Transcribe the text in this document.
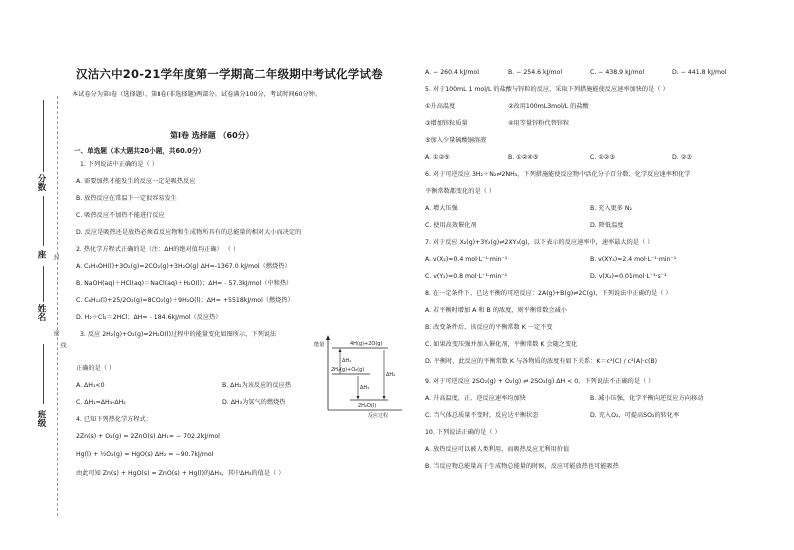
分数
座
姓名
班级
密
封
线
汉沽六中20-21学年度第一学期高二年级期中考试化学试卷
本试卷分为第Ⅰ卷（选择题）、第Ⅱ卷(非选择题)两部分。试卷满分100分，考试时间60分钟。
第Ⅰ卷 选择题 （60分）
一、单选题（本大题共20小题，共60.0分）
1. 下列说法中正确的是（ ）
A. 需要加热才能发生的反应一定是吸热反应
B. 放热反应在常温下一定很容易发生
C. 吸热反应不加热不能进行反应
D. 反应是吸热还是放热必须看反应物和生成物所具有的总能量的相对大小而决定的
2. 热化学方程式正确的是（注：ΔH的绝对值均正确） （ ）
A. C₂H₅OH(l)+3O₂(g)=2CO₂(g)+3H₂O(g) ΔH=-1367.0 kJ/mol（燃烧热）
B. NaOH(aq)＋HCl(aq)＝NaCl(aq)＋H₂O(l)；ΔH=﹣57.3kJ/mol（中和热）
C. C₆H₁₂(l)+25/2O₂(g)=8CO₂(g)＋9H₂O(l)；ΔH= +5518kJ/mol（燃烧热）
D. H₂＋Cl₂＝2HCl；ΔH=﹣184.6kJ/mol（反应热）
3. 反应 2H₂(g)+O₂(g)=2H₂O(l)过程中的能量变化如图所示，下列说法
正确的是（ ）
A. ΔH₁<0	B. ΔH₂为该反应的反应热
C. ΔH₁=ΔH₃-ΔH₂	D. ΔH₃为氢气的燃烧热
4. 已知下列热化学方程式：
2Zn(s) + O₂(g) = 2ZnO(s) ΔH₁= − 702.2kJ/mol
Hg(l) + ½O₂(g) = HgO(s) ΔH₂ = −90.7kJ/mol
由此可知 Zn(s) + HgO(s) = ZnO(s) + Hg(l)的ΔH₃，其中ΔH₃的值是（ ）
能量
反应过程
4H(g)+2O(g)
2H₂(g)+O₂(g)
2H₂O(l)
ΔH₁
ΔH₃
ΔH₂
A. − 260.4 kJ/mol	B. − 254.6 kJ/mol	C. − 438.9 kJ/mol	D. − 441.8 kJ/mol
5. 对于100mL 1 mol/L 的盐酸与锌粒的反应，采取下列措施能使反应速率加快的是（ ）
①升高温度	②改用100mL3mol/L 的盐酸
③增加锌粒质量	④用等量锌粉代替锌粒
⑤加入少量硫酸铜溶液
A. ①②⑤	B. ①②④⑤	C. ①②③	D. ②③
6. 对于可逆反应 3H₂＋N₂⇌2NH₃，下列措施能使反应物中活化分子百分数、化学反应速率和化学
平衡常数都变化的是（ ）
A. 增大压强	B. 充入更多 N₂
C. 使用高效催化剂	D. 降低温度
7. 对于反应 X₂(g)+3Y₂(g)⇌2XY₃(g)，以下表示的反应速率中，速率最大的是（ ）
A. v(X₂)=0.4 mol·L⁻¹·min⁻¹	B. v(XY₃)=2.4 mol·L⁻¹·min⁻¹
C. v(Y₂)=0.8 mol·L⁻¹·min⁻¹	D. v(X₂)=0.01mol·L⁻¹·s⁻¹
8. 在一定条件下，已达平衡的可逆反应：2A(g)+B(g)⇌2C(g)，下列说法中正确的是（ ）
A. 若平衡时增加 A 和 B 的浓度，则平衡常数会减小
B. 改变条件后，该反应的平衡常数 K 一定不变
C. 如果改变压强并加入催化剂，平衡常数 K 会随之变化
D. 平衡时，此反应的平衡常数 K 与各物质的浓度有如下关系：K＝c²(C) / c²(A)·c(B)
9. 对于可逆反应 2SO₂(g) + O₂(g) ⇌ 2SO₃(g) ΔH < 0，下列说法不正确的是（ ）
A. 升高温度，正、逆反应速率均加快	B. 减小压强，化学平衡向逆反应方向移动
C. 当气体总质量不变时，反应达平衡状态	D. 充入O₂，可提高SO₂的转化率
10. 下列说法正确的是（ ）
A. 放热反应可以被人类利用，而吸热反应无利用价值
B. 当反应物总能量高于生成物总能量的时候，反应可能放热也可能吸热
